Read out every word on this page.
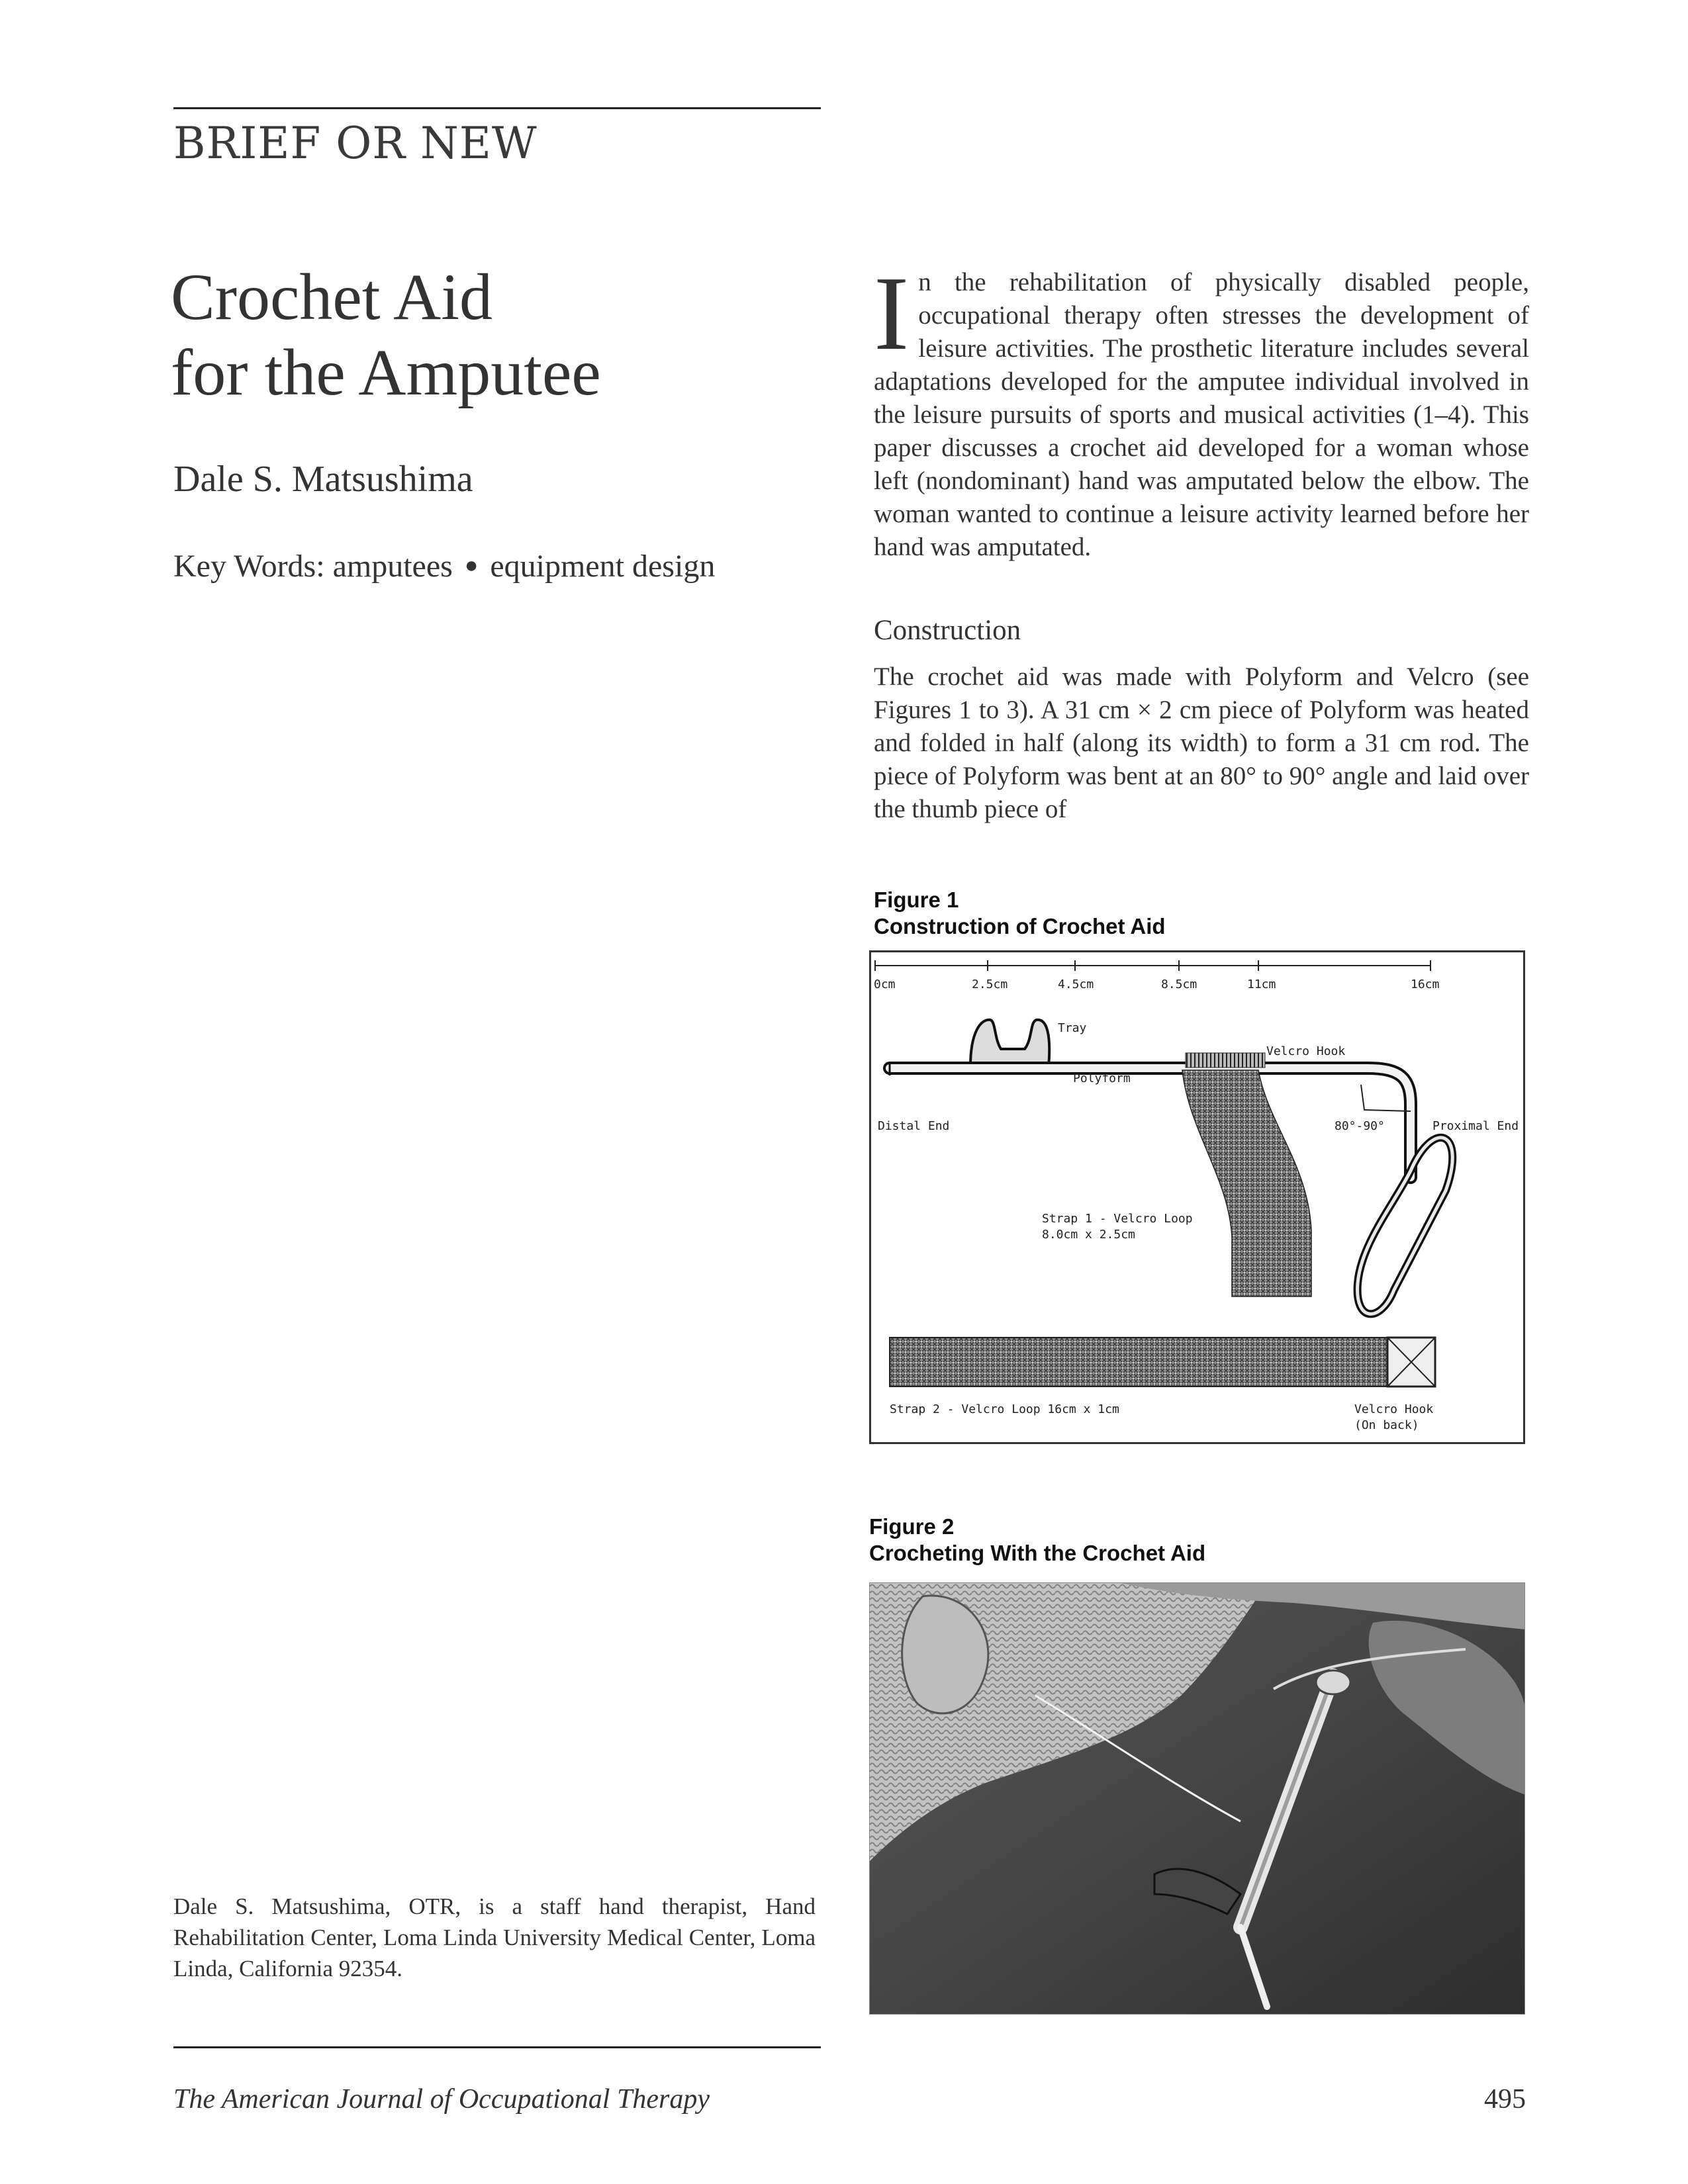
BRIEF OR NEW
Crochet Aid
for the Amputee
Dale S. Matsushima
Key Words: amputees ● equipment design
In the rehabilitation of physically disabled people, occupational therapy often stresses the development of leisure activities. The prosthetic literature includes several adaptations developed for the amputee individual involved in the leisure pursuits of sports and musical activities (1–4). This paper discusses a crochet aid developed for a woman whose left (nondominant) hand was amputated below the elbow. The woman wanted to continue a leisure activity learned before her hand was amputated.
Construction
The crochet aid was made with Polyform and Velcro (see Figures 1 to 3). A 31 cm × 2 cm piece of Polyform was heated and folded in half (along its width) to form a 31 cm rod. The piece of Polyform was bent at an 80° to 90° angle and laid over the thumb piece of
Figure 1
Construction of Crochet Aid
0cm	2.5cm	4.5cm	8.5cm	11cm	16cm
Tray
Polyform
Velcro Hook
80°-90°
Distal End	Proximal End
Strap 1 - Velcro Loop
8.0cm x 2.5cm
Strap 2 - Velcro Loop 16cm x 1cm	Velcro Hook
(On back)
Figure 2
Crocheting With the Crochet Aid
Dale S. Matsushima, OTR, is a staff hand therapist, Hand Rehabilitation Center, Loma Linda University Medical Center, Loma Linda, California 92354.
The American Journal of Occupational Therapy	495
